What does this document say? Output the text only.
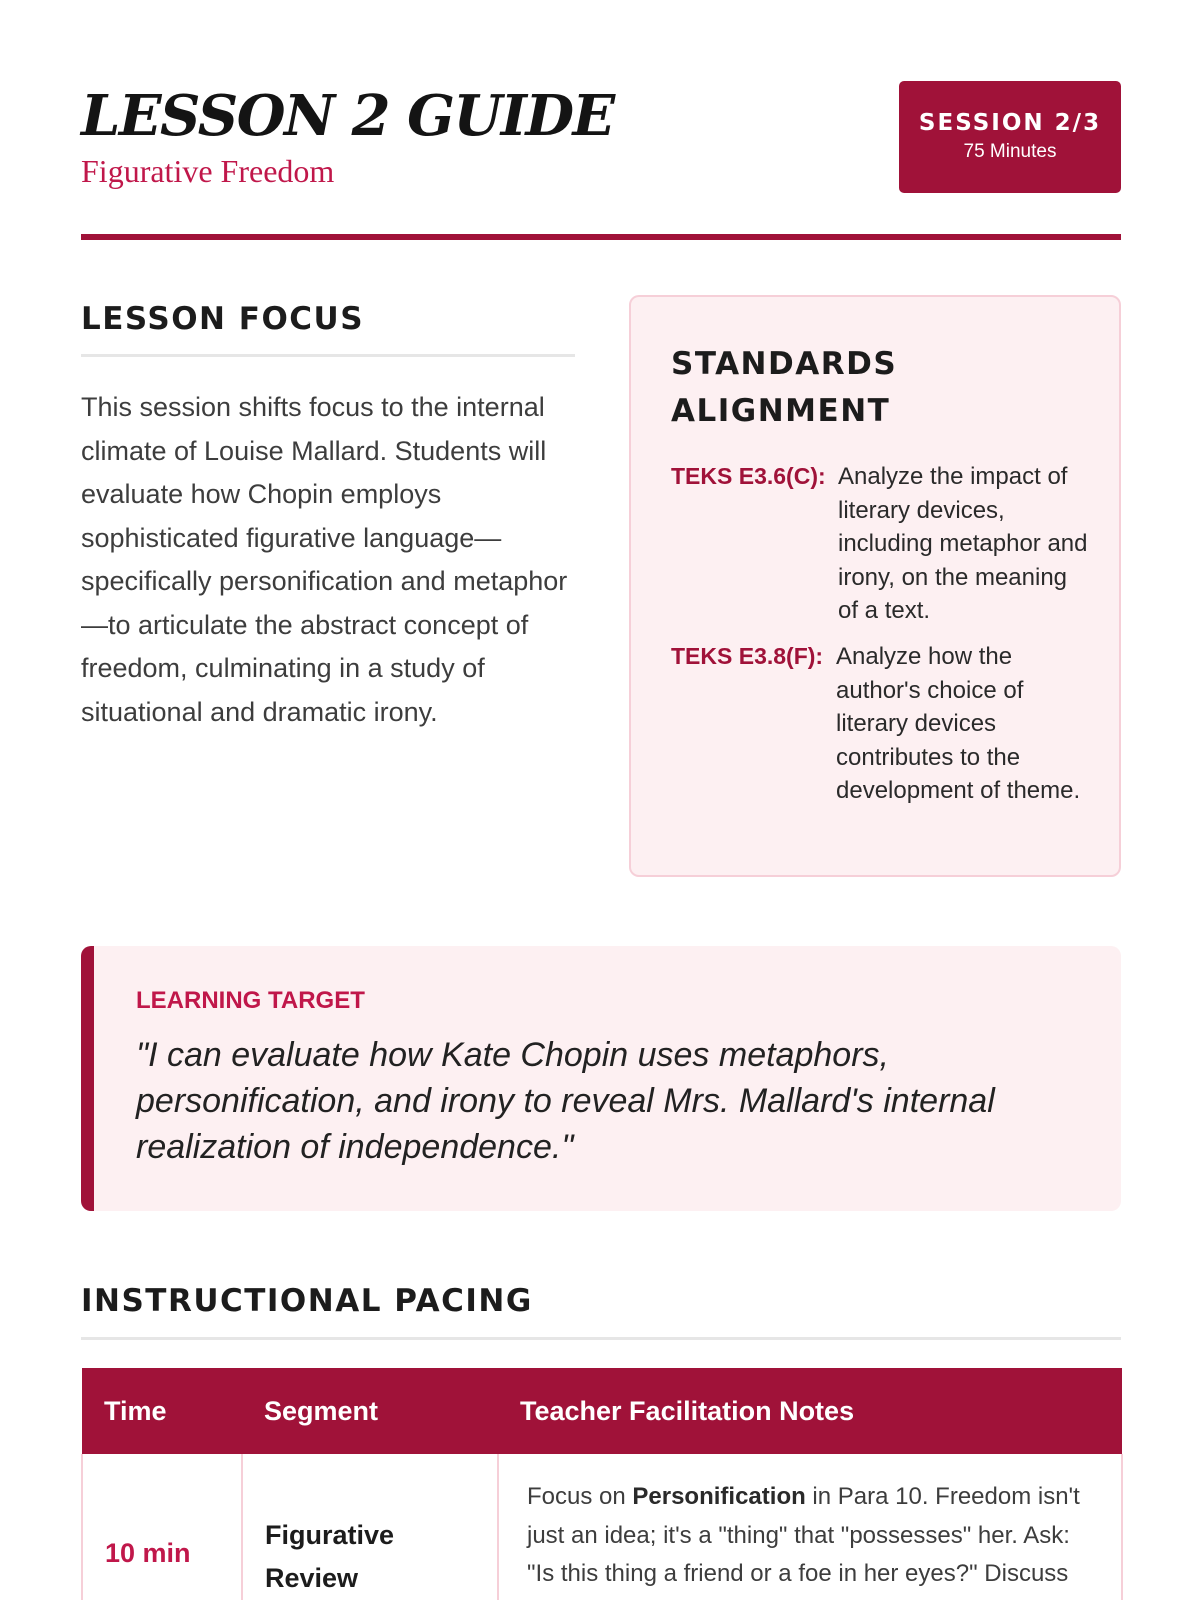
LESSON 2 GUIDE
Figurative Freedom
SESSION 2/3
75 Minutes
LESSON FOCUS

This session shifts focus to the internal climate of Louise Mallard. Students will evaluate how Chopin employs sophisticated figurative language—specifically personification and metaphor—to articulate the abstract concept of freedom, culminating in a study of situational and dramatic irony.

STANDARDS ALIGNMENT
TEKS E3.6(C): Analyze the impact of literary devices, including metaphor and irony, on the meaning of a text.
TEKS E3.8(F): Analyze how the author's choice of literary devices contributes to the development of theme.
LEARNING TARGET

"I can evaluate how Kate Chopin uses metaphors, personification, and irony to reveal Mrs. Mallard's internal realization of independence."

INSTRUCTIONAL PACING
Time	Segment	Teacher Facilitation Notes
10 min	Figurative Review	Focus on Personification in Para 10. Freedom isn't just an idea; it's a "thing" that "possesses" her. Ask: "Is this thing a friend or a foe in her eyes?" Discuss
